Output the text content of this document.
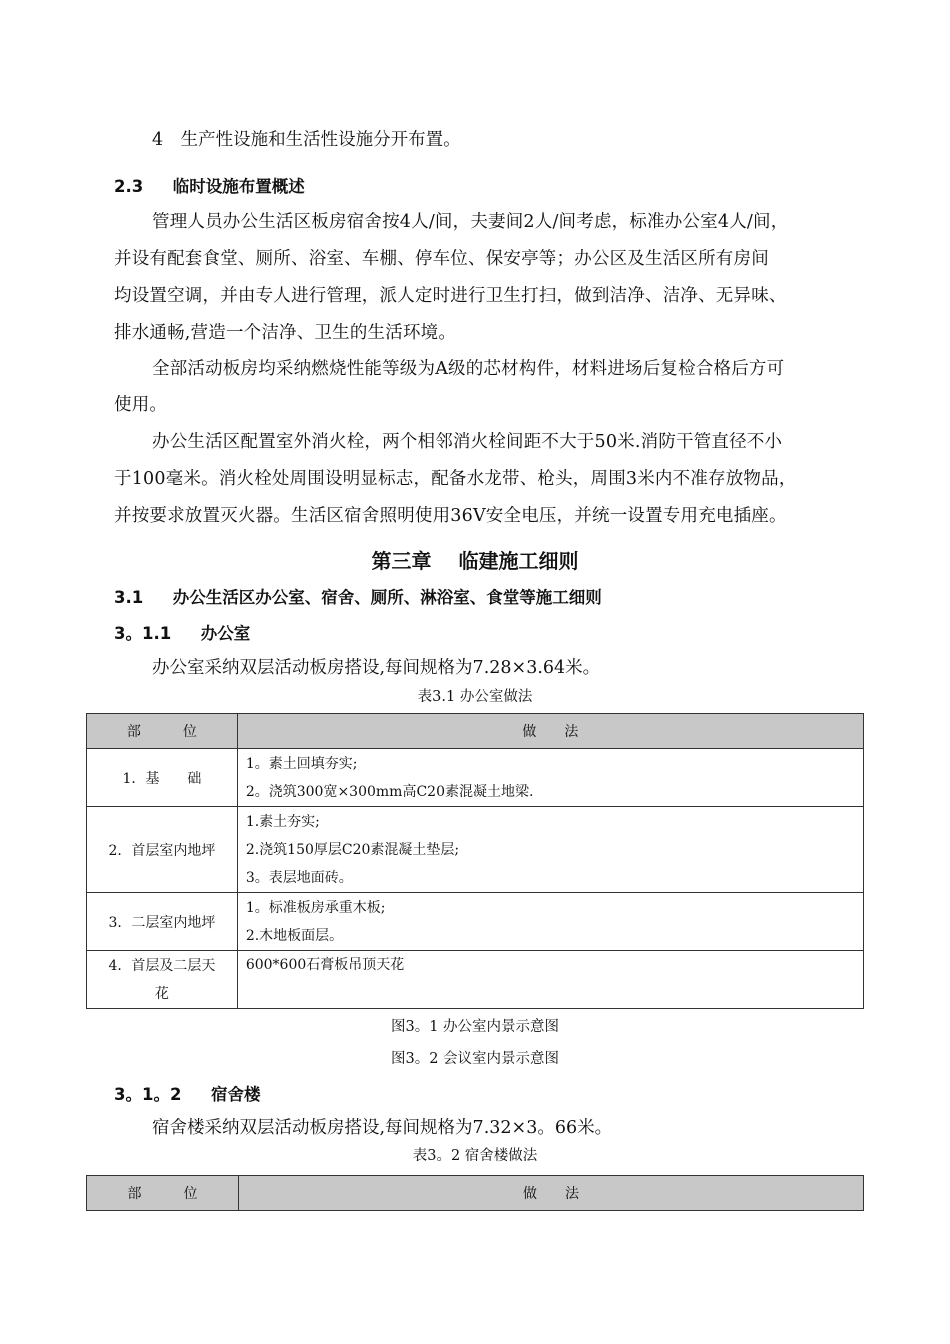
4　生产性设施和生活性设施分开布置。
2.3 临时设施布置概述
管理人员办公生活区板房宿舍按4人/间，夫妻间2人/间考虑，标准办公室4人/间，
并设有配套食堂、厕所、浴室、车棚、停车位、保安亭等；办公区及生活区所有房间
均设置空调，并由专人进行管理，派人定时进行卫生打扫，做到洁净、洁净、无异味、
排水通畅,营造一个洁净、卫生的生活环境。
全部活动板房均采纳燃烧性能等级为A级的芯材构件，材料进场后复检合格后方可
使用。
办公生活区配置室外消火栓，两个相邻消火栓间距不大于50米.消防干管直径不小
于100毫米。消火栓处周围设明显标志，配备水龙带、枪头，周围3米内不准存放物品，
并按要求放置灭火器。生活区宿舍照明使用36V安全电压，并统一设置专用充电插座。
第三章　 临建施工细则
3.1 办公生活区办公室、宿舍、厕所、淋浴室、食堂等施工细则
3。1.1 办公室
办公室采纳双层活动板房搭设,每间规格为7.28×3.64米。
表3.1 办公室做法
部　　　位	做　　法
1．基　　础	1。素土回填夯实;
2。浇筑300宽×300mm高C20素混凝土地梁.

2．首层室内地坪	1.素土夯实;
2.浇筑150厚层C20素混凝土垫层;
3。表层地面砖。

3．二层室内地坪	1。标准板房承重木板;
2.木地板面层。

4．首层及二层天
花	600*600石膏板吊顶天花
图3。1 办公室内景示意图
图3。2 会议室内景示意图
3。1。2 宿舍楼
宿舍楼采纳双层活动板房搭设,每间规格为7.32×3。66米。
表3。2 宿舍楼做法
部　　　位	做　　法
